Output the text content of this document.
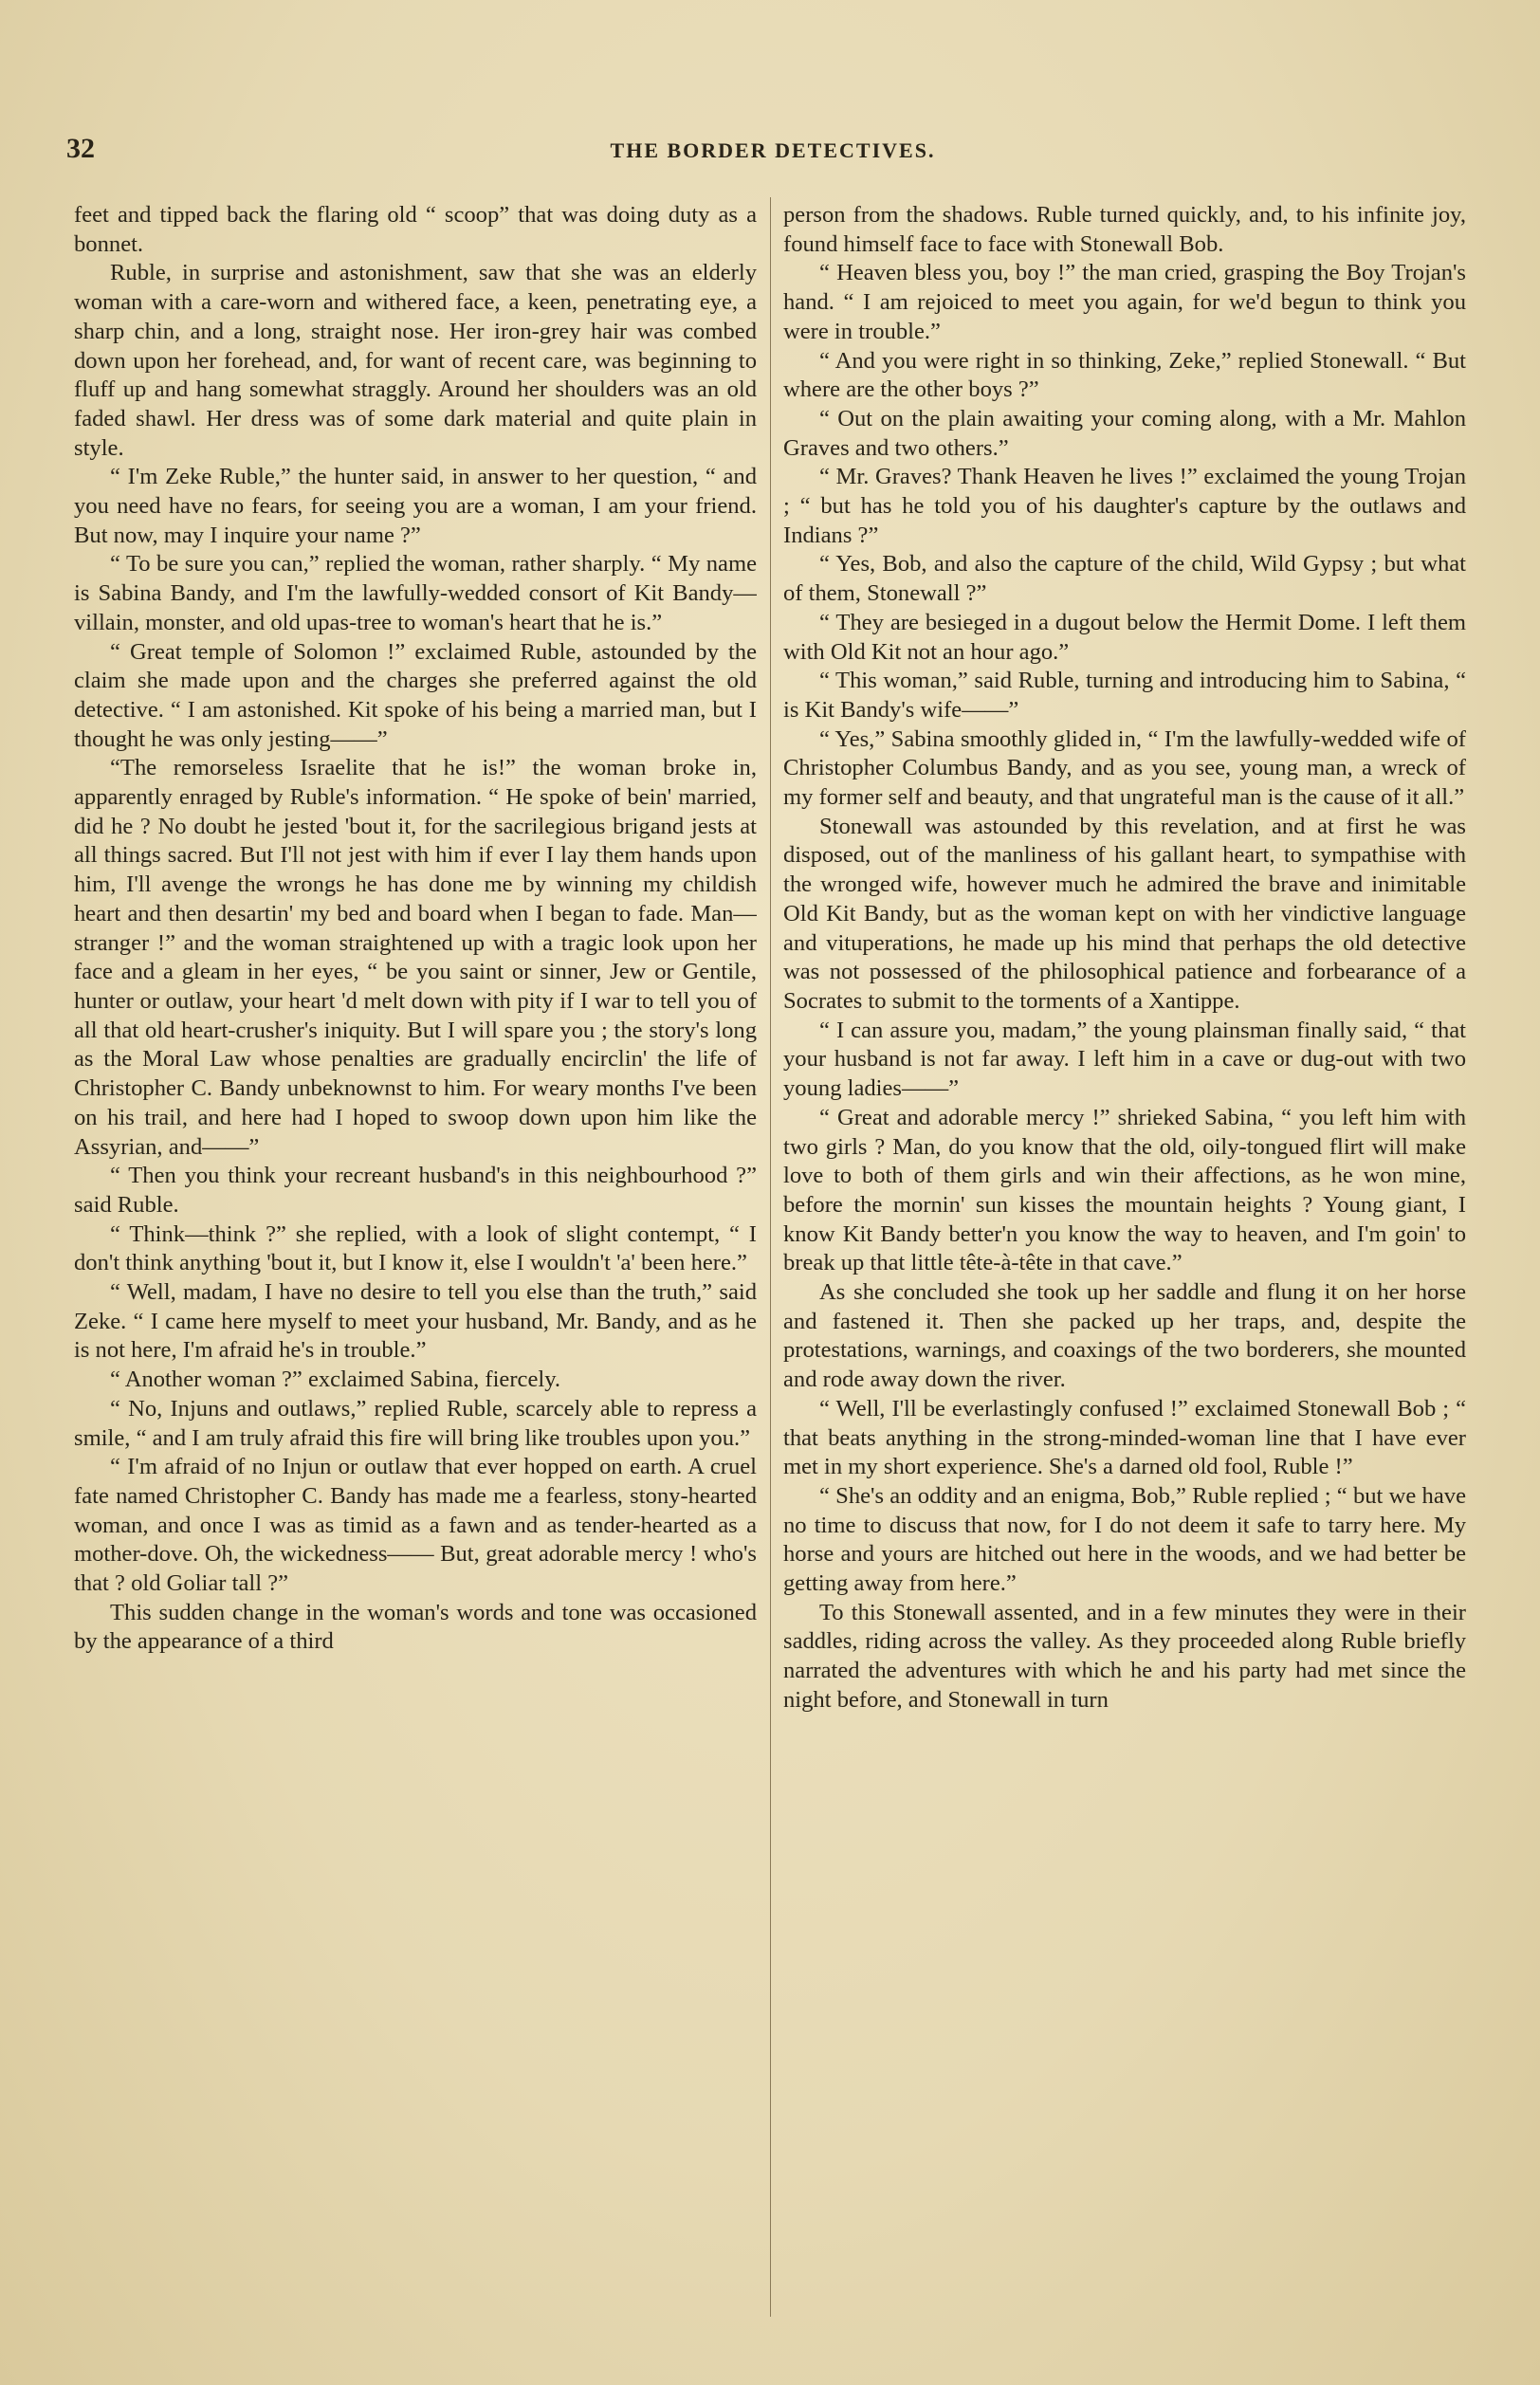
32	THE BORDER DETECTIVES.

feet and tipped back the flaring old “ scoop” that was doing duty as a bonnet.

Ruble, in surprise and astonishment, saw that she was an elderly woman with a care-worn and withered face, a keen, penetrating eye, a sharp chin, and a long, straight nose. Her iron-grey hair was combed down upon her forehead, and, for want of recent care, was beginning to fluff up and hang somewhat straggly. Around her shoulders was an old faded shawl. Her dress was of some dark material and quite plain in style.

“ I'm Zeke Ruble,” the hunter said, in answer to her question, “ and you need have no fears, for seeing you are a woman, I am your friend. But now, may I inquire your name ?”

“ To be sure you can,” replied the woman, rather sharply. “ My name is Sabina Bandy, and I'm the lawfully-wedded consort of Kit Bandy—villain, monster, and old upas-tree to woman's heart that he is.”

“ Great temple of Solomon !” exclaimed Ruble, astounded by the claim she made upon and the charges she preferred against the old detective. “ I am astonished. Kit spoke of his being a married man, but I thought he was only jesting——”

“The remorseless Israelite that he is!” the woman broke in, apparently enraged by Ruble's information. “ He spoke of bein' married, did he ? No doubt he jested 'bout it, for the sacrilegious brigand jests at all things sacred. But I'll not jest with him if ever I lay them hands upon him, I'll avenge the wrongs he has done me by winning my childish heart and then desartin' my bed and board when I began to fade. Man—stranger !” and the woman straightened up with a tragic look upon her face and a gleam in her eyes, “ be you saint or sinner, Jew or Gentile, hunter or outlaw, your heart 'd melt down with pity if I war to tell you of all that old heart-crusher's iniquity. But I will spare you ; the story's long as the Moral Law whose penalties are gradually encirclin' the life of Christopher C. Bandy unbeknownst to him. For weary months I've been on his trail, and here had I hoped to swoop down upon him like the Assyrian, and——”

“ Then you think your recreant husband's in this neighbourhood ?” said Ruble.

“ Think—think ?” she replied, with a look of slight contempt, “ I don't think anything 'bout it, but I know it, else I wouldn't 'a' been here.”

“ Well, madam, I have no desire to tell you else than the truth,” said Zeke. “ I came here myself to meet your husband, Mr. Bandy, and as he is not here, I'm afraid he's in trouble.”

“ Another woman ?” exclaimed Sabina, fiercely.

“ No, Injuns and outlaws,” replied Ruble, scarcely able to repress a smile, “ and I am truly afraid this fire will bring like troubles upon you.”

“ I'm afraid of no Injun or outlaw that ever hopped on earth. A cruel fate named Christopher C. Bandy has made me a fearless, stony-hearted woman, and once I was as timid as a fawn and as tender-hearted as a mother-dove. Oh, the wickedness—— But, great adorable mercy ! who's that ? old Goliar tall ?”

This sudden change in the woman's words and tone was occasioned by the appearance of a third

person from the shadows. Ruble turned quickly, and, to his infinite joy, found himself face to face with Stonewall Bob.

“ Heaven bless you, boy !” the man cried, grasping the Boy Trojan's hand. “ I am rejoiced to meet you again, for we'd begun to think you were in trouble.”

“ And you were right in so thinking, Zeke,” replied Stonewall. “ But where are the other boys ?”

“ Out on the plain awaiting your coming along, with a Mr. Mahlon Graves and two others.”

“ Mr. Graves? Thank Heaven he lives !” exclaimed the young Trojan ; “ but has he told you of his daughter's capture by the outlaws and Indians ?”

“ Yes, Bob, and also the capture of the child, Wild Gypsy ; but what of them, Stonewall ?”

“ They are besieged in a dugout below the Hermit Dome. I left them with Old Kit not an hour ago.”

“ This woman,” said Ruble, turning and introducing him to Sabina, “ is Kit Bandy's wife——”

“ Yes,” Sabina smoothly glided in, “ I'm the lawfully-wedded wife of Christopher Columbus Bandy, and as you see, young man, a wreck of my former self and beauty, and that ungrateful man is the cause of it all.”

Stonewall was astounded by this revelation, and at first he was disposed, out of the manliness of his gallant heart, to sympathise with the wronged wife, however much he admired the brave and inimitable Old Kit Bandy, but as the woman kept on with her vindictive language and vituperations, he made up his mind that perhaps the old detective was not possessed of the philosophical patience and forbearance of a Socrates to submit to the torments of a Xantippe.

“ I can assure you, madam,” the young plainsman finally said, “ that your husband is not far away. I left him in a cave or dug-out with two young ladies——”

“ Great and adorable mercy !” shrieked Sabina, “ you left him with two girls ? Man, do you know that the old, oily-tongued flirt will make love to both of them girls and win their affections, as he won mine, before the mornin' sun kisses the mountain heights ? Young giant, I know Kit Bandy better'n you know the way to heaven, and I'm goin' to break up that little tête-à-tête in that cave.”

As she concluded she took up her saddle and flung it on her horse and fastened it. Then she packed up her traps, and, despite the protestations, warnings, and coaxings of the two borderers, she mounted and rode away down the river.

“ Well, I'll be everlastingly confused !” exclaimed Stonewall Bob ; “ that beats anything in the strong-minded-woman line that I have ever met in my short experience. She's a darned old fool, Ruble !”

“ She's an oddity and an enigma, Bob,” Ruble replied ; “ but we have no time to discuss that now, for I do not deem it safe to tarry here. My horse and yours are hitched out here in the woods, and we had better be getting away from here.”

To this Stonewall assented, and in a few minutes they were in their saddles, riding across the valley. As they proceeded along Ruble briefly narrated the adventures with which he and his party had met since the night before, and Stonewall in turn
